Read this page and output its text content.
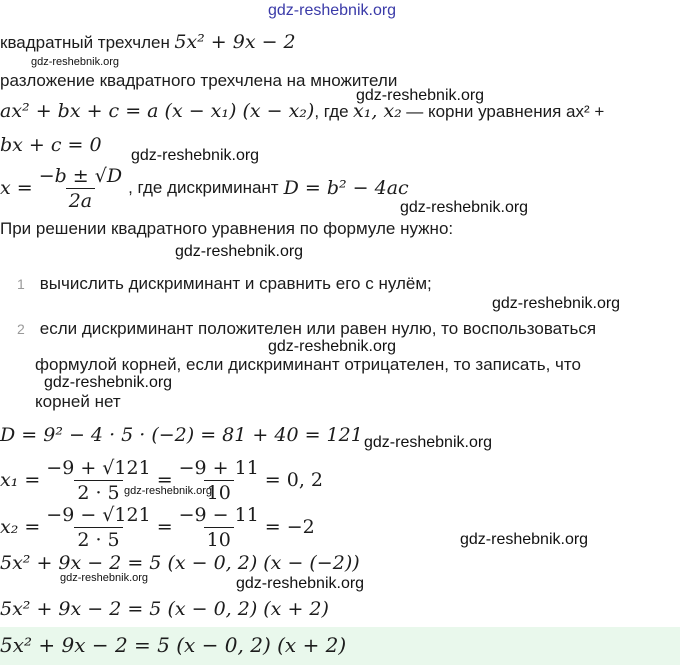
gdz-reshebnik.org
квадратный трехчлен 5x² + 9x − 2
gdz-reshebnik.org
разложение квадратного трехчлена на множители
gdz-reshebnik.org
ax² + bx + c = a (x − x₁) (x − x₂), где x₁, x₂ — корни уравнения ax² +
bx + c = 0 gdz-reshebnik.org
$x = \frac{-b \pm √D}{2a}$ , где дискриминант D = b² − 4ac
gdz-reshebnik.org
При решении квадратного уравнения по формуле нужно:
gdz-reshebnik.org
1 вычислить дискриминант и сравнить его с нулём;
gdz-reshebnik.org
2 если дискриминант положителен или равен нулю, то воспользоваться
gdz-reshebnik.org
формулой корней, если дискриминант отрицателен, то записать, что
gdz-reshebnik.org
корней нет
D = 9² − 4 · 5 · (−2) = 81 + 40 = 121 gdz-reshebnik.org
$x_1 = \frac{-9 + √121}{2 \cdot 5} = \frac{-9 + 11}{10} = 0$, 2
gdz-reshebnik.org
$x_2 = \frac{-9 - √121}{2 \cdot 5} = \frac{-9 - 11}{10} = -2$
gdz-reshebnik.org
5x² + 9x − 2 = 5 (x − 0, 2) (x − (−2))
gdz-reshebnik.org	gdz-reshebnik.org
5x² + 9x − 2 = 5 (x − 0, 2) (x + 2)
5x² + 9x − 2 = 5 (x − 0, 2) (x + 2)
